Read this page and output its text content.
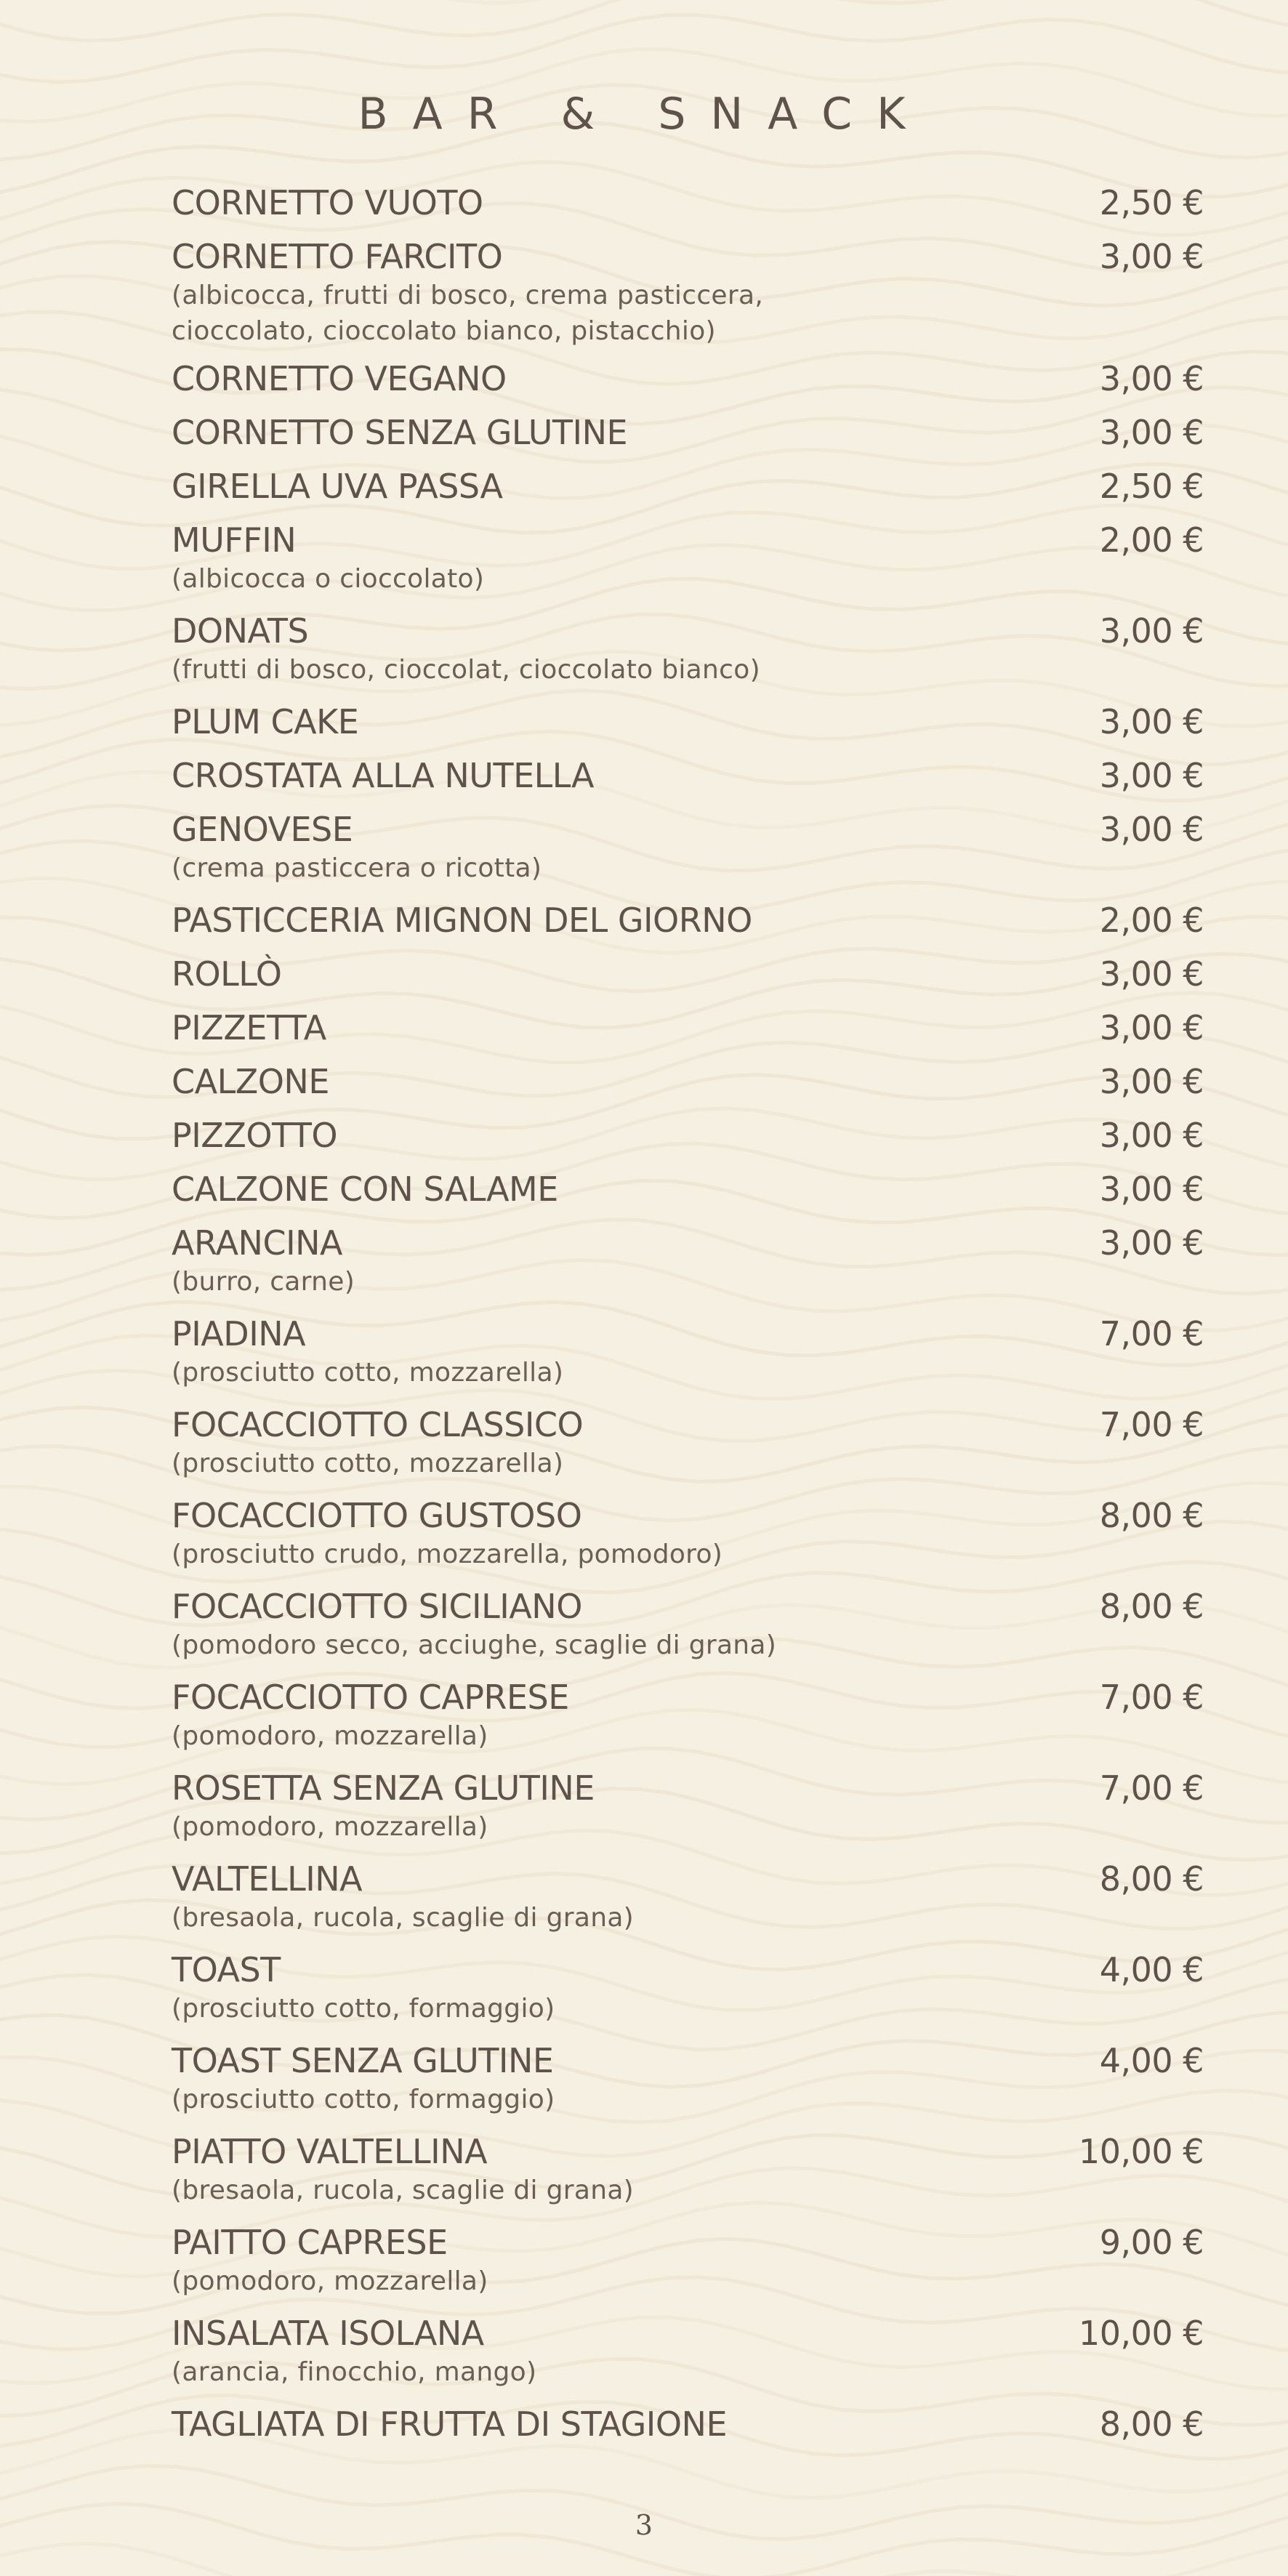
BAR & SNACK
CORNETTO VUOTO	2,50 €
CORNETTO FARCITO	3,00 €
(albicocca, frutti di bosco, crema pasticcera,
cioccolato, cioccolato bianco, pistacchio)
CORNETTO VEGANO	3,00 €
CORNETTO SENZA GLUTINE	3,00 €
GIRELLA UVA PASSA	2,50 €
MUFFIN	2,00 €
(albicocca o cioccolato)
DONATS	3,00 €
(frutti di bosco, cioccolat, cioccolato bianco)
PLUM CAKE	3,00 €
CROSTATA ALLA NUTELLA	3,00 €
GENOVESE	3,00 €
(crema pasticcera o ricotta)
PASTICCERIA MIGNON DEL GIORNO	2,00 €
ROLLÒ	3,00 €
PIZZETTA	3,00 €
CALZONE	3,00 €
PIZZOTTO	3,00 €
CALZONE CON SALAME	3,00 €
ARANCINA	3,00 €
(burro, carne)
PIADINA	7,00 €
(prosciutto cotto, mozzarella)
FOCACCIOTTO CLASSICO	7,00 €
(prosciutto cotto, mozzarella)
FOCACCIOTTO GUSTOSO	8,00 €
(prosciutto crudo, mozzarella, pomodoro)
FOCACCIOTTO SICILIANO	8,00 €
(pomodoro secco, acciughe, scaglie di grana)
FOCACCIOTTO CAPRESE	7,00 €
(pomodoro, mozzarella)
ROSETTA SENZA GLUTINE	7,00 €
(pomodoro, mozzarella)
VALTELLINA	8,00 €
(bresaola, rucola, scaglie di grana)
TOAST	4,00 €
(prosciutto cotto, formaggio)
TOAST SENZA GLUTINE	4,00 €
(prosciutto cotto, formaggio)
PIATTO VALTELLINA	10,00 €
(bresaola, rucola, scaglie di grana)
PAITTO CAPRESE	9,00 €
(pomodoro, mozzarella)
INSALATA ISOLANA	10,00 €
(arancia, finocchio, mango)
TAGLIATA DI FRUTTA DI STAGIONE	8,00 €
3
